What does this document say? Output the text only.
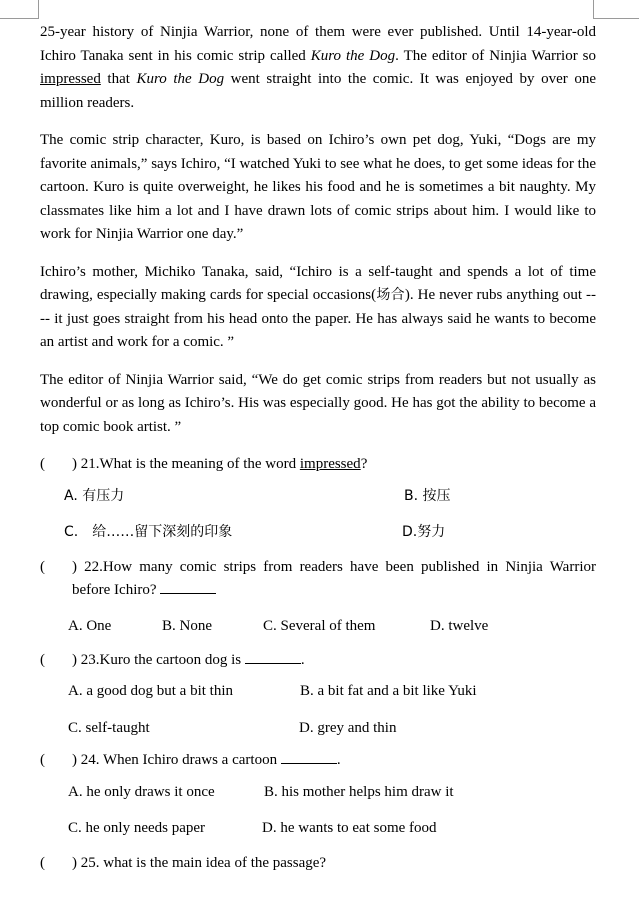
25-year history of Ninjia Warrior, none of them were ever published. Until 14-year-old Ichiro Tanaka sent in his comic strip called Kuro the Dog. The editor of Ninjia Warrior so impressed that Kuro the Dog went straight into the comic. It was enjoyed by over one million readers.

The comic strip character, Kuro, is based on Ichiro’s own pet dog, Yuki, “Dogs are my favorite animals,” says Ichiro, “I watched Yuki to see what he does, to get some ideas for the cartoon. Kuro is quite overweight, he likes his food and he is sometimes a bit naughty. My classmates like him a lot and I have drawn lots of comic strips about him. I would like to work for Ninjia Warrior one day.”

Ichiro’s mother, Michiko Tanaka, said, “Ichiro is a self-taught and spends a lot of time drawing, especially making cards for special occasions(场合). He never rubs anything out ---- it just goes straight from his head onto the paper. He has always said he wants to become an artist and work for a comic. ”

The editor of Ninjia Warrior said, “We do get comic strips from readers but not usually as wonderful or as long as Ichiro’s. His was especially good. He has got the ability to become a top comic book artist. ”

(	) 21.What is the meaning of the word impressed?
A. 有压力	B. 按压
C.　给……留下深刻的印象	D.努力
(	) 22.How many comic strips from readers have been published in Ninjia Warrior before Ichiro?
A. One	B. None	C. Several of them	D. twelve
(	) 23.Kuro the cartoon dog is	.
A. a good dog but a bit thin	B. a bit fat and a bit like Yuki
C. self-taught	D. grey and thin
(	) 24. When Ichiro draws a cartoon	.
A. he only draws it once	B. his mother helps him draw it
C. he only needs paper	D. he wants to eat some food
(	) 25. what is the main idea of the passage?
